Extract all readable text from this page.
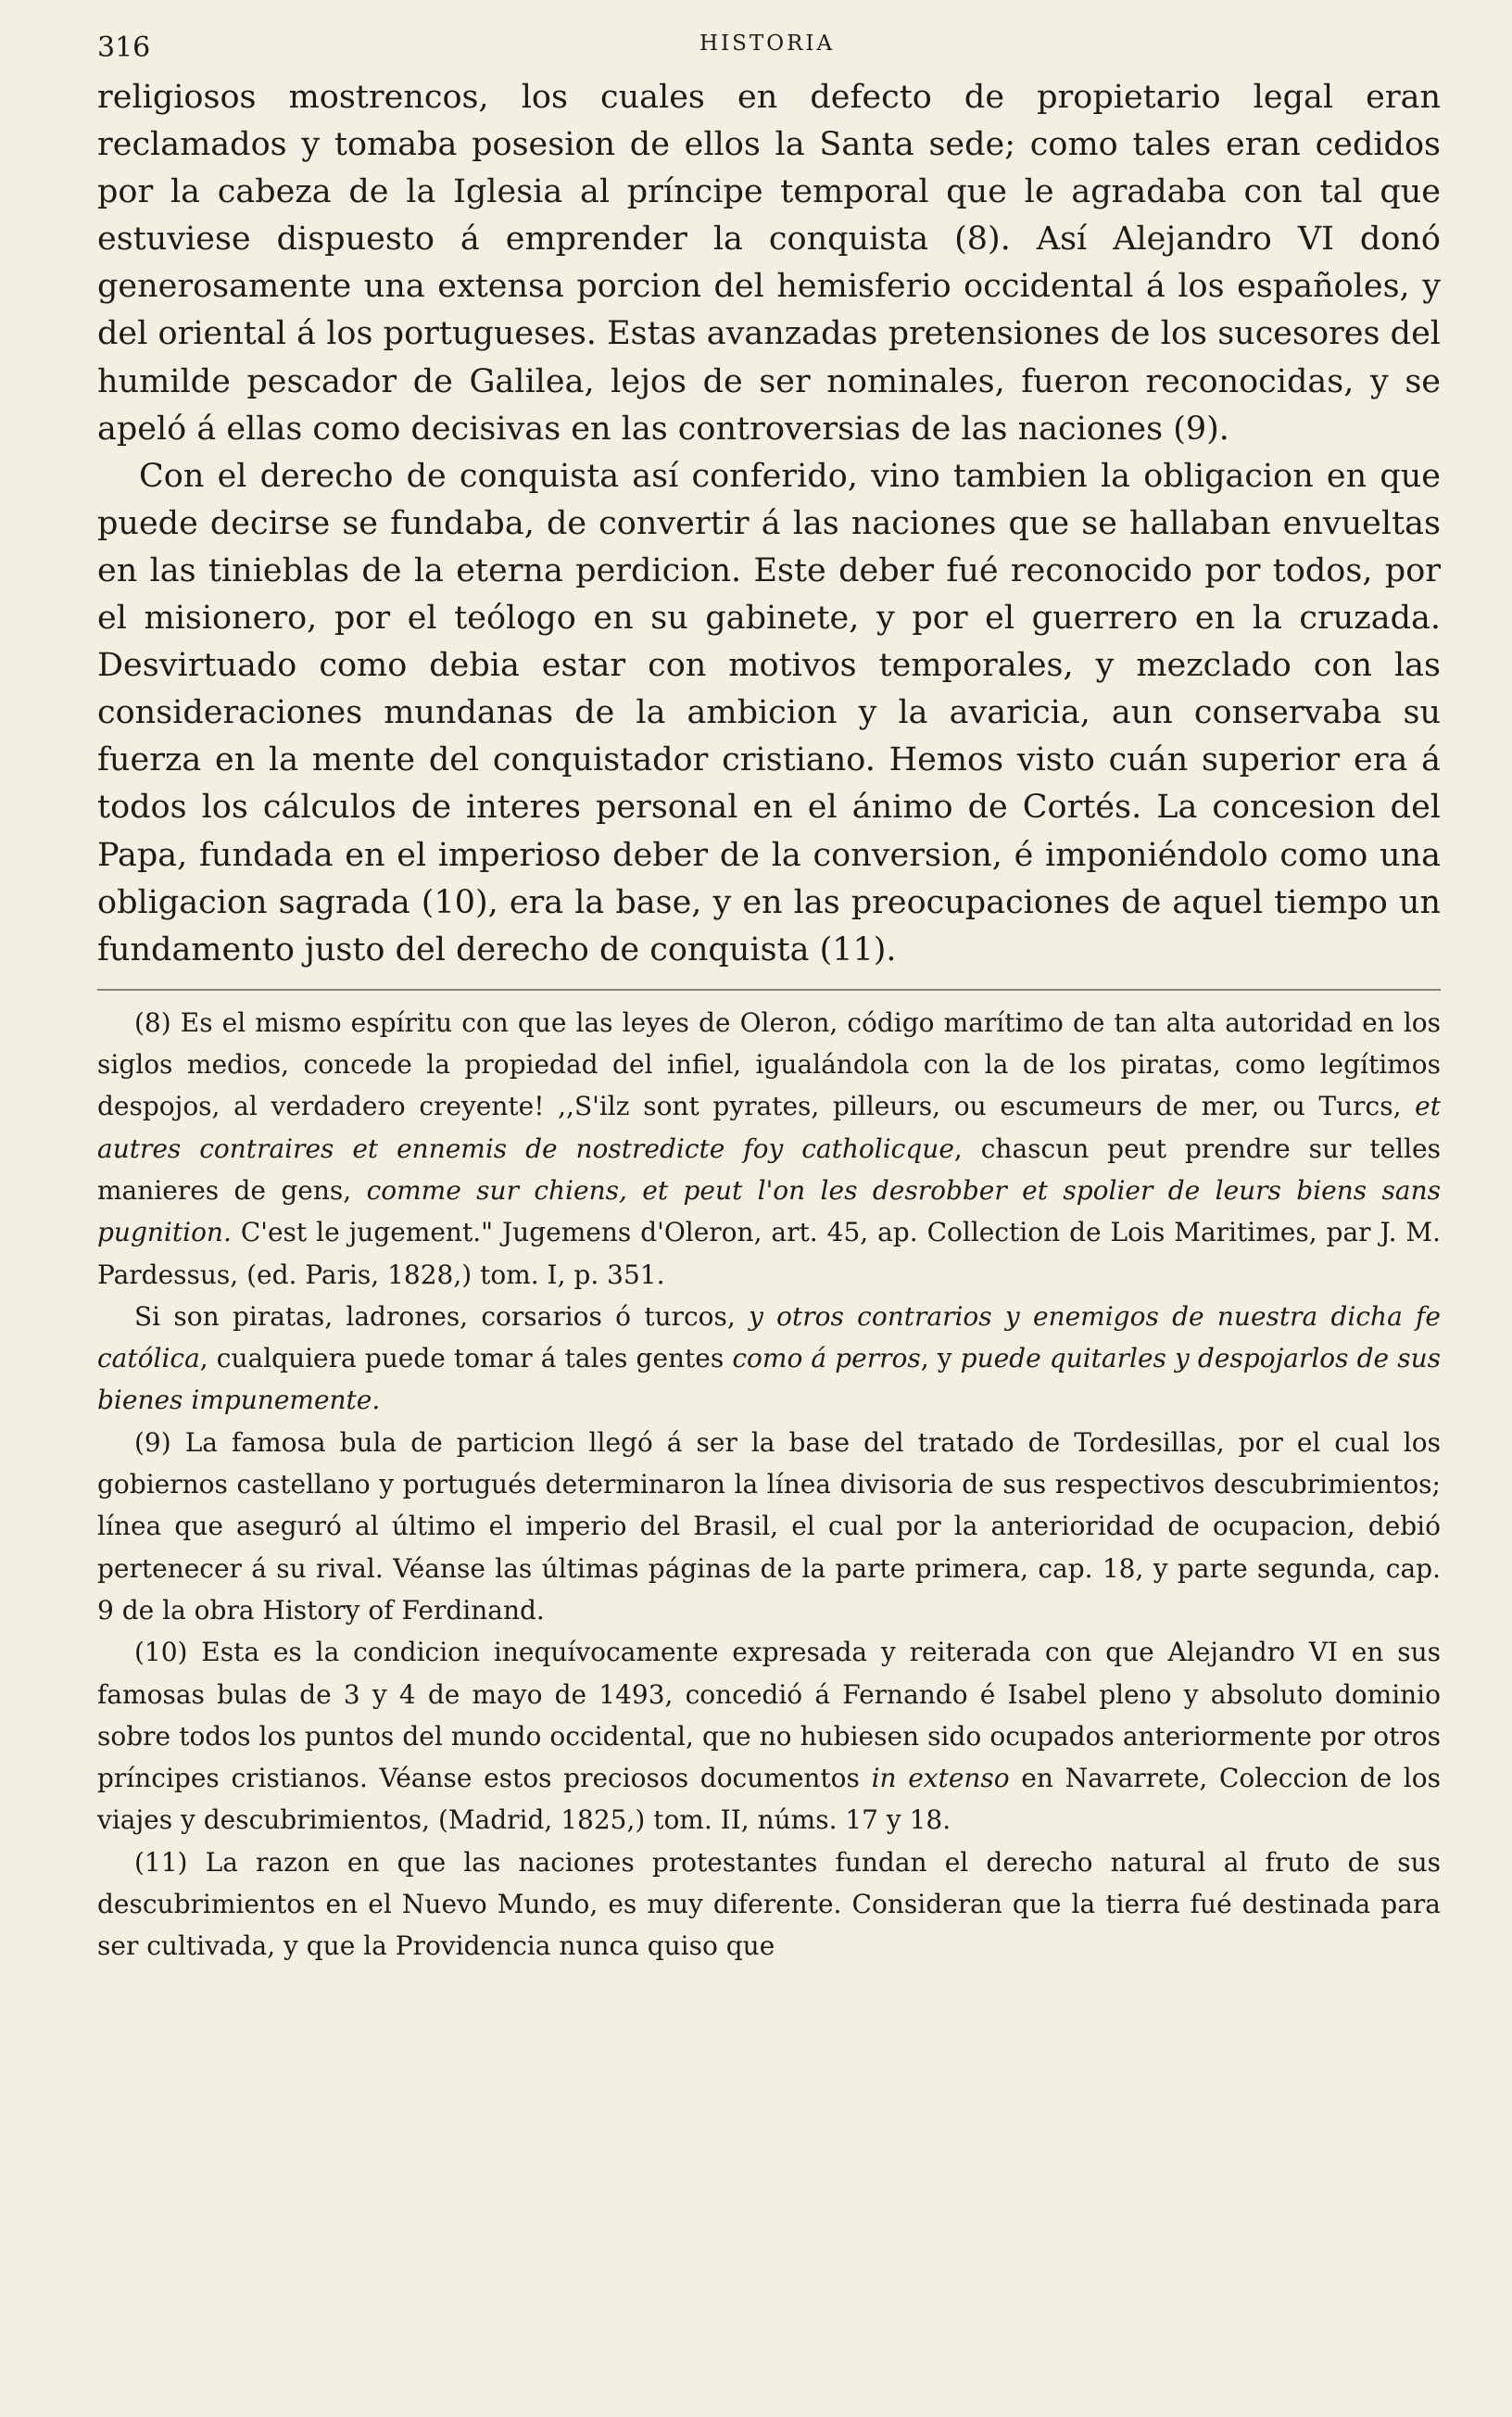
316	HISTORIA

religiosos mostrencos, los cuales en defecto de propietario legal eran reclamados y tomaba posesion de ellos la Santa sede; como tales eran cedidos por la cabeza de la Iglesia al príncipe temporal que le agradaba con tal que estuviese dispuesto á emprender la conquista (8). Así Alejandro VI donó generosamente una extensa porcion del hemisferio occidental á los españoles, y del oriental á los portugueses. Estas avanzadas pretensiones de los sucesores del humilde pescador de Galilea, lejos de ser nominales, fueron reconocidas, y se apeló á ellas como decisivas en las controversias de las naciones (9).

Con el derecho de conquista así conferido, vino tambien la obligacion en que puede decirse se fundaba, de convertir á las naciones que se hallaban envueltas en las tinieblas de la eterna perdicion. Este deber fué reconocido por todos, por el misionero, por el teólogo en su gabinete, y por el guerrero en la cruzada. Desvirtuado como debia estar con motivos temporales, y mezclado con las consideraciones mundanas de la ambicion y la avaricia, aun conservaba su fuerza en la mente del conquistador cristiano. Hemos visto cuán superior era á todos los cálculos de interes personal en el ánimo de Cortés. La concesion del Papa, fundada en el imperioso deber de la conversion, é imponiéndolo como una obligacion sagrada (10), era la base, y en las preocupaciones de aquel tiempo un fundamento justo del derecho de conquista (11).

(8) Es el mismo espíritu con que las leyes de Oleron, código marítimo de tan alta autoridad en los siglos medios, concede la propiedad del infiel, igualándola con la de los piratas, como legítimos despojos, al verdadero creyente! ,,S'ilz sont pyrates, pilleurs, ou escumeurs de mer, ou Turcs, et autres contraires et ennemis de nostredicte foy catholicque, chascun peut prendre sur telles manieres de gens, comme sur chiens, et peut l'on les desrobber et spolier de leurs biens sans pugnition. C'est le jugement." Jugemens d'Oleron, art. 45, ap. Collection de Lois Maritimes, par J. M. Pardessus, (ed. Paris, 1828,) tom. I, p. 351.

Si son piratas, ladrones, corsarios ó turcos, y otros contrarios y enemigos de nuestra dicha fe católica, cualquiera puede tomar á tales gentes como á perros, y puede quitarles y despojarlos de sus bienes impunemente.

(9) La famosa bula de particion llegó á ser la base del tratado de Tordesillas, por el cual los gobiernos castellano y portugués determinaron la línea divisoria de sus respectivos descubrimientos; línea que aseguró al último el imperio del Brasil, el cual por la anterioridad de ocupacion, debió pertenecer á su rival. Véanse las últimas páginas de la parte primera, cap. 18, y parte segunda, cap. 9 de la obra History of Ferdinand.

(10) Esta es la condicion inequívocamente expresada y reiterada con que Alejandro VI en sus famosas bulas de 3 y 4 de mayo de 1493, concedió á Fernando é Isabel pleno y absoluto dominio sobre todos los puntos del mundo occidental, que no hubiesen sido ocupados anteriormente por otros príncipes cristianos. Véanse estos preciosos documentos in extenso en Navarrete, Coleccion de los viajes y descubrimientos, (Madrid, 1825,) tom. II, núms. 17 y 18.

(11) La razon en que las naciones protestantes fundan el derecho natural al fruto de sus descubrimientos en el Nuevo Mundo, es muy diferente. Consideran que la tierra fué destinada para ser cultivada, y que la Providencia nunca quiso que
